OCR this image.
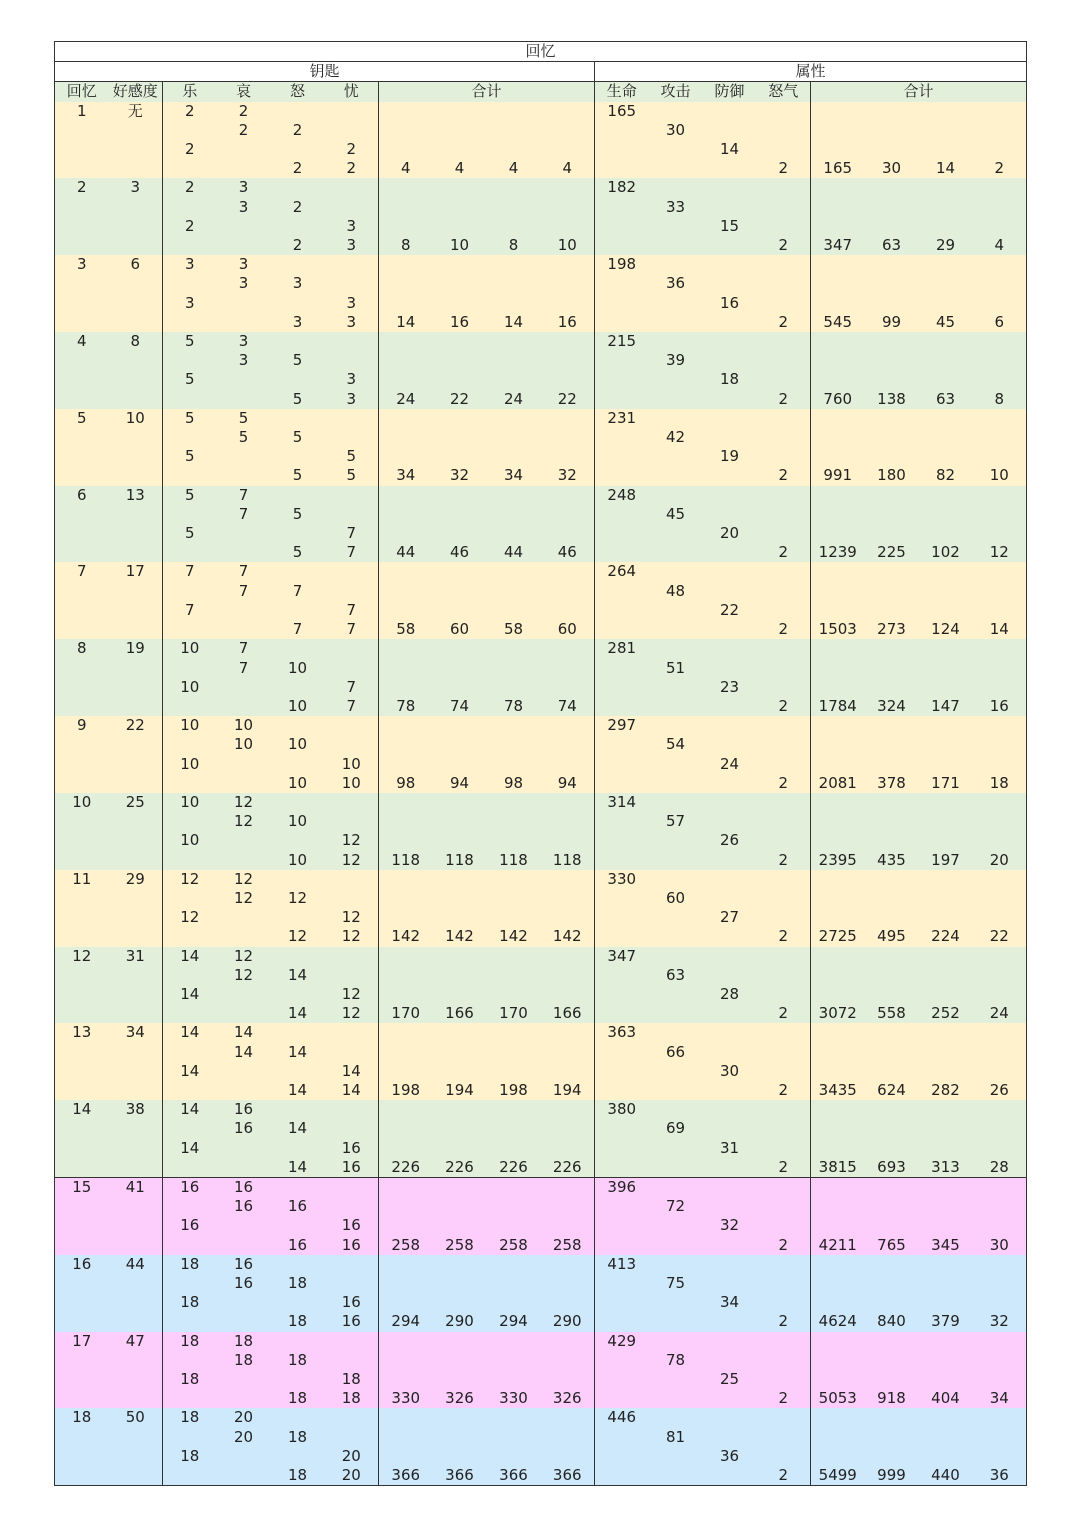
回忆																	
钥匙										属性							
回忆	好感度	乐	哀	怒	忧	合计				生命	攻击	防御	怒气	合计			
1	无	2	2							165							
			2	2							30						
		2			2							14					
				2	2	4	4	4	4				2	165	30	14	2
2	3	2	3							182							
			3	2							33						
		2			3							15					
				2	3	8	10	8	10				2	347	63	29	4
3	6	3	3							198							
			3	3							36						
		3			3							16					
				3	3	14	16	14	16				2	545	99	45	6
4	8	5	3							215							
			3	5							39						
		5			3							18					
				5	3	24	22	24	22				2	760	138	63	8
5	10	5	5							231							
			5	5							42						
		5			5							19					
				5	5	34	32	34	32				2	991	180	82	10
6	13	5	7							248							
			7	5							45						
		5			7							20					
				5	7	44	46	44	46				2	1239	225	102	12
7	17	7	7							264							
			7	7							48						
		7			7							22					
				7	7	58	60	58	60				2	1503	273	124	14
8	19	10	7							281							
			7	10							51						
		10			7							23					
				10	7	78	74	78	74				2	1784	324	147	16
9	22	10	10							297							
			10	10							54						
		10			10							24					
				10	10	98	94	98	94				2	2081	378	171	18
10	25	10	12							314							
			12	10							57						
		10			12							26					
				10	12	118	118	118	118				2	2395	435	197	20
11	29	12	12							330							
			12	12							60						
		12			12							27					
				12	12	142	142	142	142				2	2725	495	224	22
12	31	14	12							347							
			12	14							63						
		14			12							28					
				14	12	170	166	170	166				2	3072	558	252	24
13	34	14	14							363							
			14	14							66						
		14			14							30					
				14	14	198	194	198	194				2	3435	624	282	26
14	38	14	16							380							
			16	14							69						
		14			16							31					
				14	16	226	226	226	226				2	3815	693	313	28
15	41	16	16							396							
			16	16							72						
		16			16							32					
				16	16	258	258	258	258				2	4211	765	345	30
16	44	18	16							413							
			16	18							75						
		18			16							34					
				18	16	294	290	294	290				2	4624	840	379	32
17	47	18	18							429							
			18	18							78						
		18			18							25					
				18	18	330	326	330	326				2	5053	918	404	34
18	50	18	20							446							
			20	18							81						
		18			20							36					
				18	20	366	366	366	366				2	5499	999	440	36
